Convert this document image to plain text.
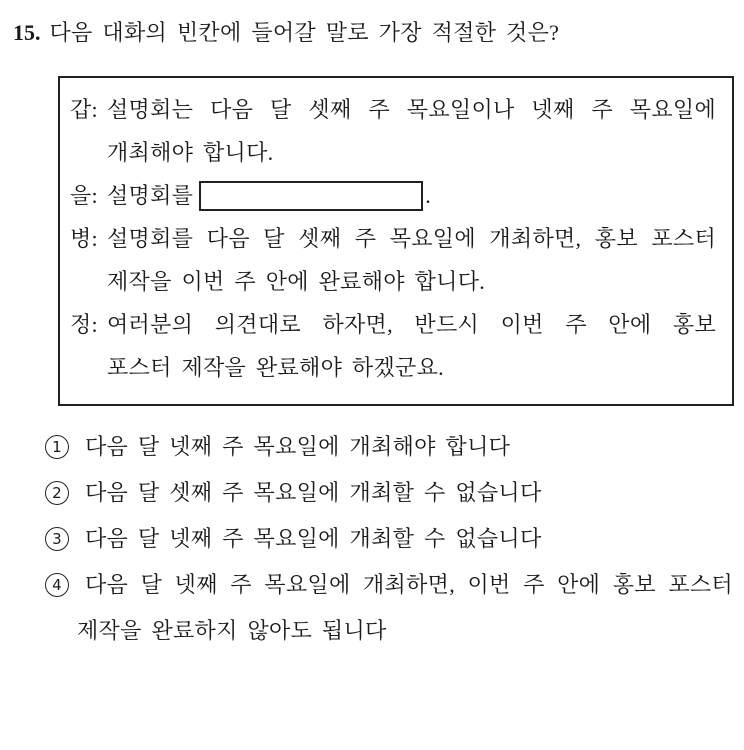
15. 다음 대화의 빈칸에 들어갈 말로 가장 적절한 것은?
갑: 설명회는 다음 달 셋째 주 목요일이나 넷째 주 목요일에
개최해야 합니다.
을: 설명회를	.
병: 설명회를 다음 달 셋째 주 목요일에 개최하면, 홍보 포스터
제작을 이번 주 안에 완료해야 합니다.
정: 여러분의 의견대로 하자면, 반드시 이번 주 안에 홍보
포스터 제작을 완료해야 하겠군요.
1	다음 달 넷째 주 목요일에 개최해야 합니다
2	다음 달 셋째 주 목요일에 개최할 수 없습니다
3	다음 달 넷째 주 목요일에 개최할 수 없습니다
4	다음 달 넷째 주 목요일에 개최하면, 이번 주 안에 홍보 포스터
제작을 완료하지 않아도 됩니다
